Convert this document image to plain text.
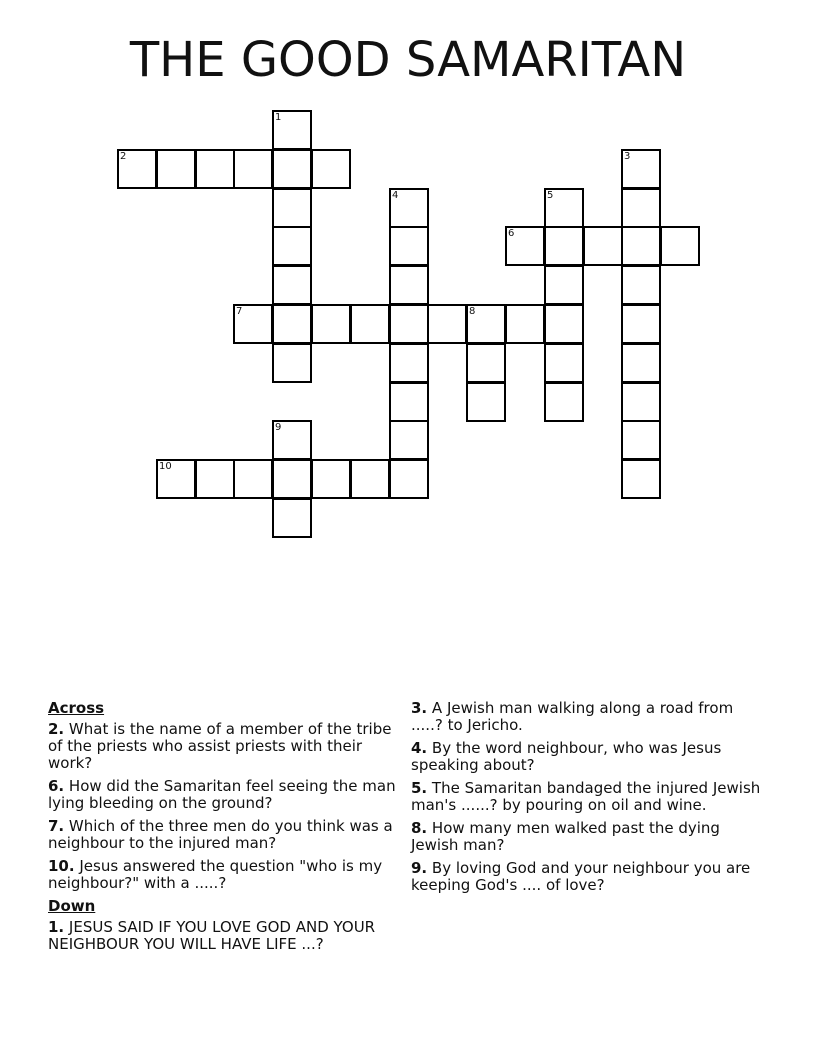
THE GOOD SAMARITAN
1
2	3
4	5
6
7	8
9
10
Across
2. What is the name of a member of the tribe of the priests who assist priests with their work?
6. How did the Samaritan feel seeing the man lying bleeding on the ground?
7. Which of the three men do you think was a neighbour to the injured man?
10. Jesus answered the question "who is my neighbour?" with a .....?
Down
1. JESUS SAID IF YOU LOVE GOD AND YOUR NEIGHBOUR YOU WILL HAVE LIFE ...?
3. A Jewish man walking along a road from .....? to Jericho.
4. By the word neighbour, who was Jesus speaking about?
5. The Samaritan bandaged the injured Jewish man's ......? by pouring on oil and wine.
8. How many men walked past the dying Jewish man?
9. By loving God and your neighbour you are keeping God's .... of love?
